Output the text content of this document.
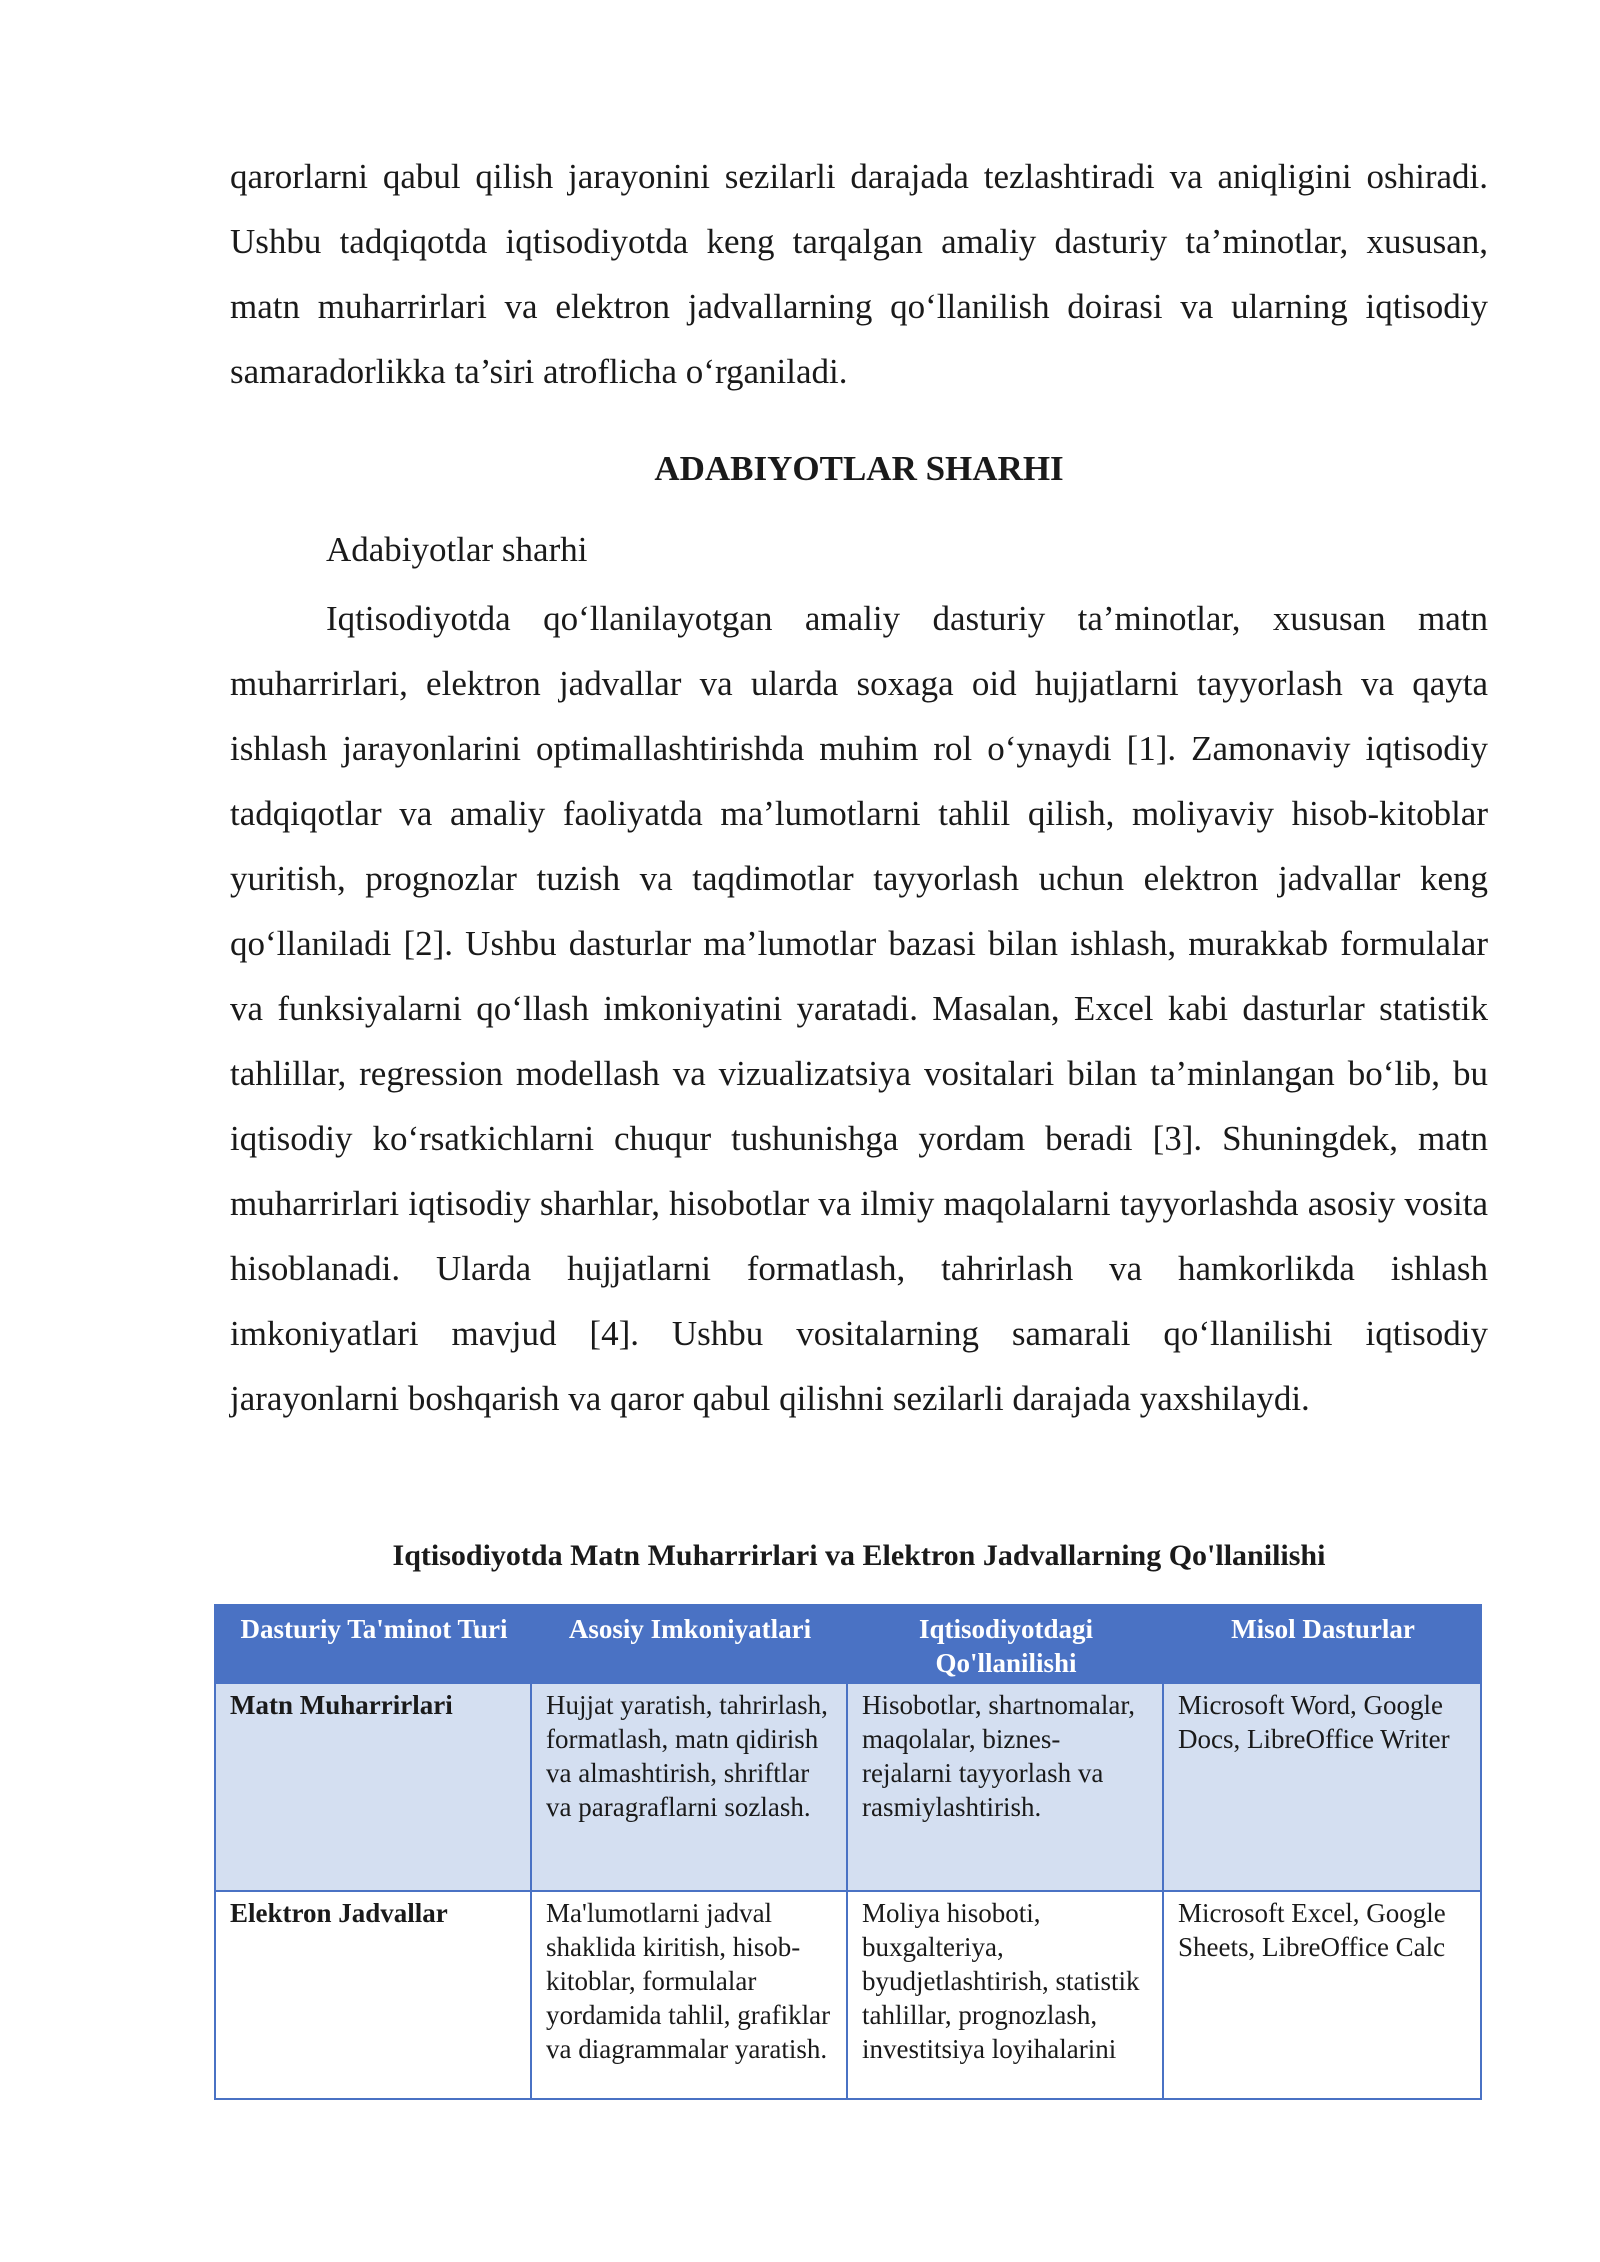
qarorlarni qabul qilish jarayonini sezilarli darajada tezlashtiradi va aniqligini oshiradi. Ushbu tadqiqotda iqtisodiyotda keng tarqalgan amaliy dasturiy ta’minotlar, xususan, matn muharrirlari va elektron jadvallarning qo‘llanilish doirasi va ularning iqtisodiy samaradorlikka ta’siri atroflicha o‘rganiladi.

ADABIYOTLAR SHARHI

Adabiyotlar sharhi

Iqtisodiyotda qo‘llanilayotgan amaliy dasturiy ta’minotlar, xususan matn muharrirlari, elektron jadvallar va ularda soxaga oid hujjatlarni tayyorlash va qayta ishlash jarayonlarini optimallashtirishda muhim rol o‘ynaydi [1]. Zamonaviy iqtisodiy tadqiqotlar va amaliy faoliyatda ma’lumotlarni tahlil qilish, moliyaviy hisob-kitoblar yuritish, prognozlar tuzish va taqdimotlar tayyorlash uchun elektron jadvallar keng qo‘llaniladi [2]. Ushbu dasturlar ma’lumotlar bazasi bilan ishlash, murakkab formulalar va funksiyalarni qo‘llash imkoniyatini yaratadi. Masalan, Excel kabi dasturlar statistik tahlillar, regression modellash va vizualizatsiya vositalari bilan ta’minlangan bo‘lib, bu iqtisodiy ko‘rsatkichlarni chuqur tushunishga yordam beradi [3]. Shuningdek, matn muharrirlari iqtisodiy sharhlar, hisobotlar va ilmiy maqolalarni tayyorlashda asosiy vosita hisoblanadi. Ularda hujjatlarni formatlash, tahrirlash va hamkorlikda ishlash imkoniyatlari mavjud [4]. Ushbu vositalarning samarali qo‘llanilishi iqtisodiy jarayonlarni boshqarish va qaror qabul qilishni sezilarli darajada yaxshilaydi.

Iqtisodiyotda Matn Muharrirlari va Elektron Jadvallarning Qo'llanilishi

Dasturiy Ta'minot Turi	Asosiy Imkoniyatlari	Iqtisodiyotdagi Qo'llanilishi	Misol Dasturlar
Matn Muharrirlari	Hujjat yaratish, tahrirlash, formatlash, matn qidirish va almashtirish, shriftlar va paragraflarni sozlash.	Hisobotlar, shartnomalar, maqolalar, biznes-rejalarni tayyorlash va rasmiylashtirish.	Microsoft Word, Google Docs, LibreOffice Writer
Elektron Jadvallar	Ma'lumotlarni jadval shaklida kiritish, hisob-kitoblar, formulalar yordamida tahlil, grafiklar va diagrammalar yaratish.	Moliya hisoboti, buxgalteriya, byudjetlashtirish, statistik tahlillar, prognozlash, investitsiya loyihalarini	Microsoft Excel, Google Sheets, LibreOffice Calc
